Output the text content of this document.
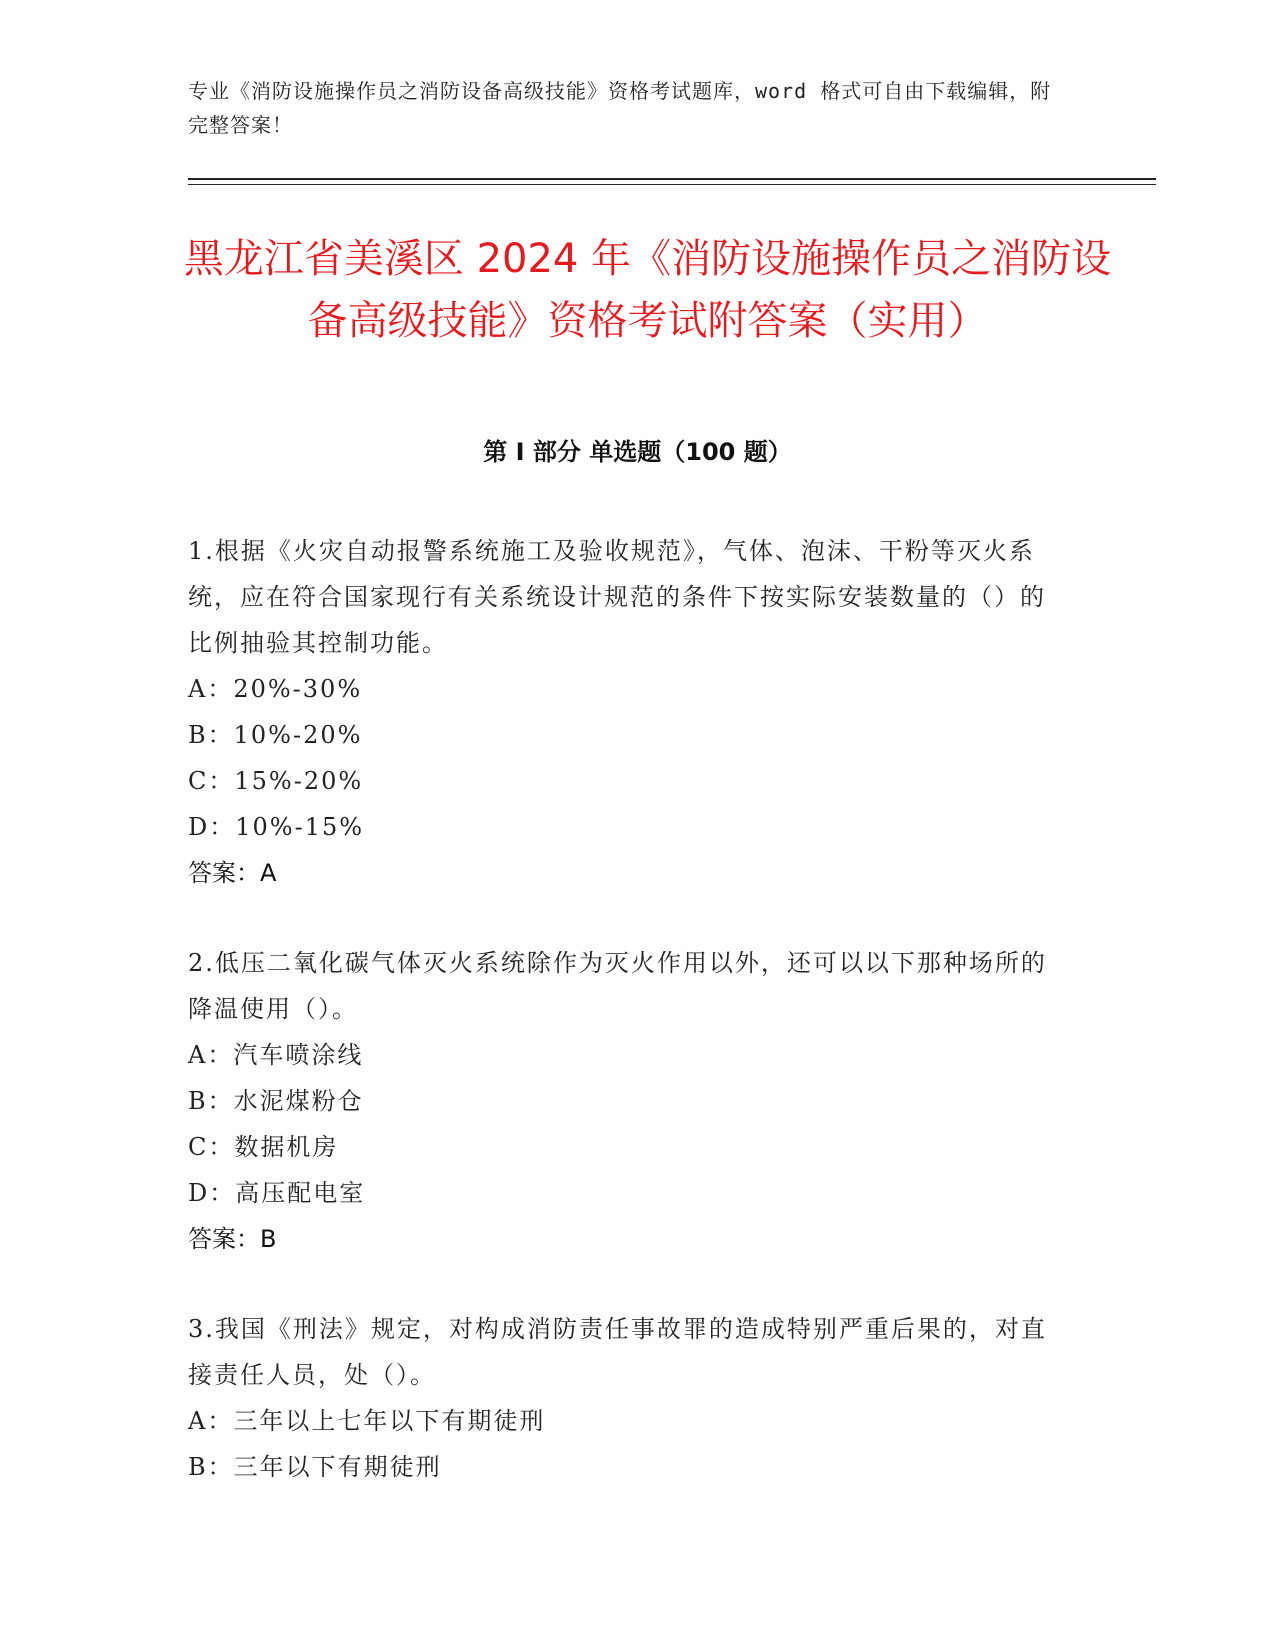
专业《消防设施操作员之消防设备高级技能》资格考试题库，word 格式可自由下载编辑，附完整答案！
黑龙江省美溪区 2024 年《消防设施操作员之消防设备高级技能》资格考试附答案（实用）
第 I 部分 单选题（100 题）

1.根据《火灾自动报警系统施工及验收规范》，气体、泡沫、干粉等灭火系统，应在符合国家现行有关系统设计规范的条件下按实际安装数量的（）的比例抽验其控制功能。

A：20%-30%

B：10%-20%

C：15%-20%

D：10%-15%

答案：A

2.低压二氧化碳气体灭火系统除作为灭火作用以外，还可以以下那种场所的降温使用（）。

A：汽车喷涂线

B：水泥煤粉仓

C：数据机房

D：高压配电室

答案：B

3.我国《刑法》规定，对构成消防责任事故罪的造成特别严重后果的，对直接责任人员，处（）。

A：三年以上七年以下有期徒刑

B：三年以下有期徒刑
